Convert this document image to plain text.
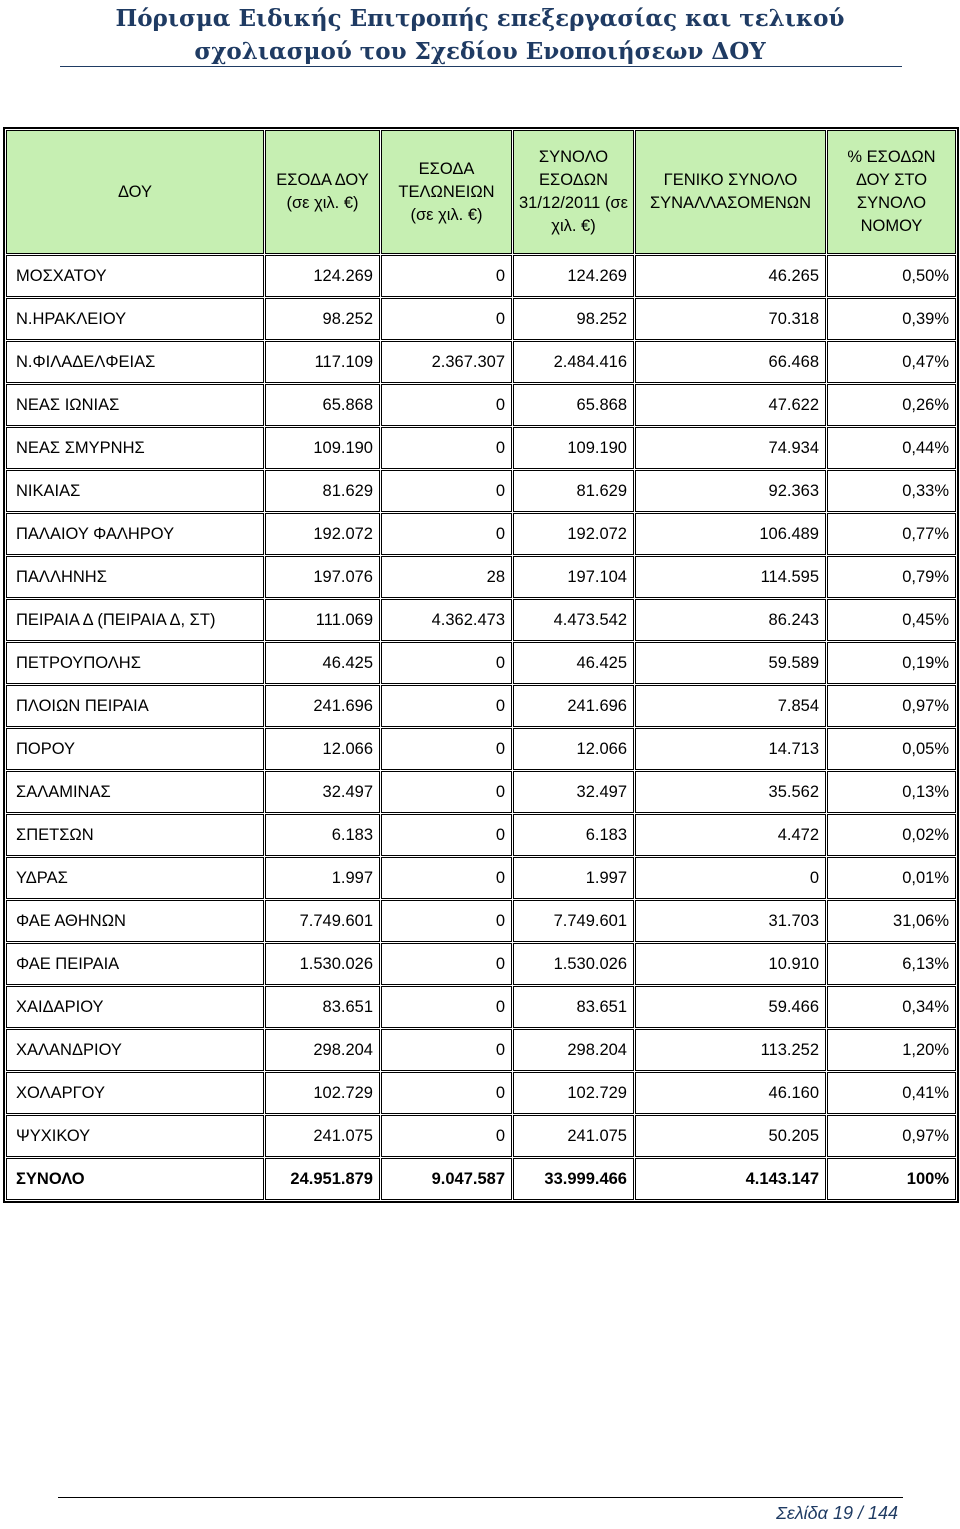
Πόρισμα Ειδικής Επιτροπής επεξεργασίας και τελικού σχολιασμού του Σχεδίου Ενοποιήσεων ΔΟΥ
ΔΟΥ	ΕΣΟΔΑ ΔΟΥ (σε χιλ. €)	ΕΣΟΔΑ ΤΕΛΩΝΕΙΩΝ (σε χιλ. €)	ΣΥΝΟΛΟ ΕΣΟΔΩΝ 31/12/2011 (σε χιλ. €)	ΓΕΝΙΚΟ ΣΥΝΟΛΟ ΣΥΝΑΛΛΑΣΟΜΕΝΩΝ	% ΕΣΟΔΩΝ ΔΟΥ ΣΤΟ ΣΥΝΟΛΟ ΝΟΜΟΥ
ΜΟΣΧΑΤΟΥ	124.269	0	124.269	46.265	0,50%
Ν.ΗΡΑΚΛΕΙΟΥ	98.252	0	98.252	70.318	0,39%
Ν.ΦΙΛΑΔΕΛΦΕΙΑΣ	117.109	2.367.307	2.484.416	66.468	0,47%
ΝΕΑΣ ΙΩΝΙΑΣ	65.868	0	65.868	47.622	0,26%
ΝΕΑΣ ΣΜΥΡΝΗΣ	109.190	0	109.190	74.934	0,44%
ΝΙΚΑΙΑΣ	81.629	0	81.629	92.363	0,33%
ΠΑΛΑΙΟΥ ΦΑΛΗΡΟΥ	192.072	0	192.072	106.489	0,77%
ΠΑΛΛΗΝΗΣ	197.076	28	197.104	114.595	0,79%
ΠΕΙΡΑΙΑ Δ (ΠΕΙΡΑΙΑ Δ, ΣΤ)	111.069	4.362.473	4.473.542	86.243	0,45%
ΠΕΤΡΟΥΠΟΛΗΣ	46.425	0	46.425	59.589	0,19%
ΠΛΟΙΩΝ ΠΕΙΡΑΙΑ	241.696	0	241.696	7.854	0,97%
ΠΟΡΟΥ	12.066	0	12.066	14.713	0,05%
ΣΑΛΑΜΙΝΑΣ	32.497	0	32.497	35.562	0,13%
ΣΠΕΤΣΩΝ	6.183	0	6.183	4.472	0,02%
ΥΔΡΑΣ	1.997	0	1.997	0	0,01%
ΦΑΕ ΑΘΗΝΩΝ	7.749.601	0	7.749.601	31.703	31,06%
ΦΑΕ ΠΕΙΡΑΙΑ	1.530.026	0	1.530.026	10.910	6,13%
ΧΑΙΔΑΡΙΟΥ	83.651	0	83.651	59.466	0,34%
ΧΑΛΑΝΔΡΙΟΥ	298.204	0	298.204	113.252	1,20%
ΧΟΛΑΡΓΟΥ	102.729	0	102.729	46.160	0,41%
ΨΥΧΙΚΟΥ	241.075	0	241.075	50.205	0,97%
ΣΥΝΟΛΟ	24.951.879	9.047.587	33.999.466	4.143.147	100%
Σελίδα 19 / 144
